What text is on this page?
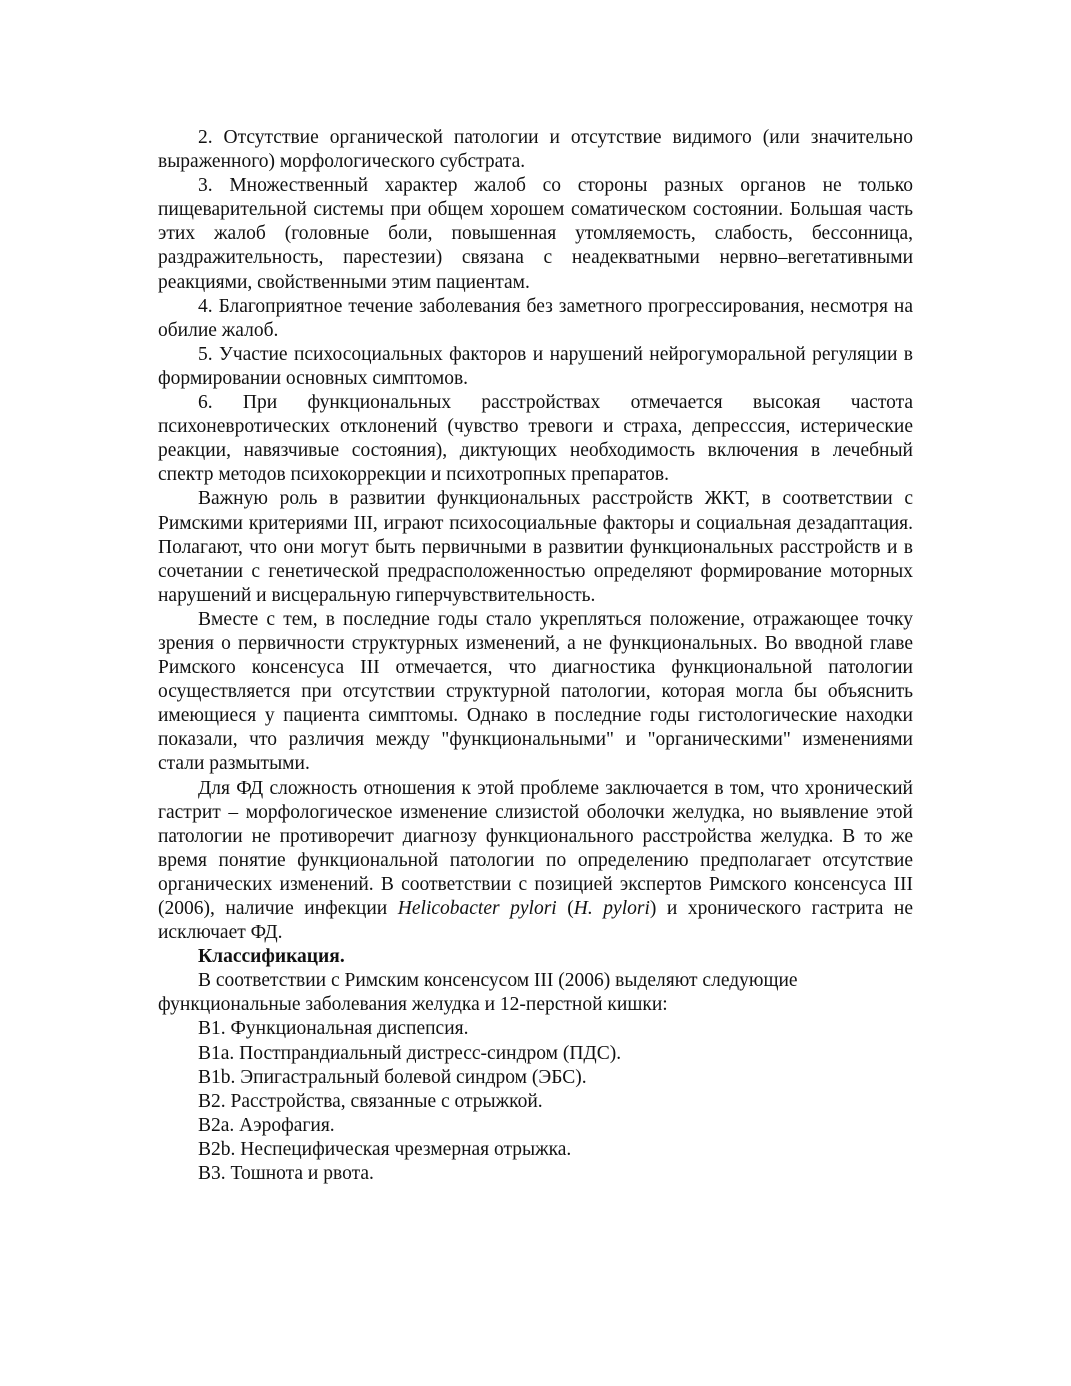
2. Отсутствие органической патологии и отсутствие видимого (или значительно выраженного) морфологического субстрата.

3. Множественный характер жалоб со стороны разных органов не только пищеварительной системы при общем хорошем соматическом состоянии. Большая часть этих жалоб (головные боли, повышенная утомляемость, слабость, бессонница, раздражительность, парестезии) связана с неадекватными нервно–вегетативными реакциями, свойственными этим пациентам.

4. Благоприятное течение заболевания без заметного прогрессирования, несмотря на обилие жалоб.

5. Участие психосоциальных факторов и нарушений нейрогуморальной регуляции в формировании основных симптомов.

6. При функциональных расстройствах отмечается высокая частота психоневротических отклонений (чувство тревоги и страха, депресссия, истерические реакции, навязчивые состояния), диктующих необходимость включения в лечебный спектр методов психокоррекции и психотропных препаратов.

Важную роль в развитии функциональных расстройств ЖКТ, в соответствии с Римскими критериями III, играют психосоциальные факторы и социальная дезадаптация. Полагают, что они могут быть первичными в развитии функциональных расстройств и в сочетании с генетической предрасположенностью определяют формирование моторных нарушений и висцеральную гиперчувствительность.

Вместе с тем, в последние годы стало укрепляться положение, отражающее точку зрения о первичности структурных изменений, а не функциональных. Во вводной главе Римского консенсуса III отмечается, что диагностика функциональной патологии осуществляется при отсутствии структурной патологии, которая могла бы объяснить имеющиеся у пациента симптомы. Однако в последние годы гистологические находки показали, что различия между "функциональными" и "органическими" изменениями стали размытыми.

Для ФД сложность отношения к этой проблеме заключается в том, что хронический гастрит – морфологическое изменение слизистой оболочки желудка, но выявление этой патологии не противоречит диагнозу функционального расстройства желудка. В то же время понятие функциональной патологии по определению предполагает отсутствие органических изменений. В соответствии с позицией экспертов Римского консенсуса III (2006), наличие инфекции Helicobacter pylori (H. pylori) и хронического гастрита не исключает ФД.

Классификация.

В соответствии с Римским консенсусом III (2006) выделяют следующие функциональные заболевания желудка и 12-перстной кишки:

B1. Функциональная диспепсия.

B1a. Постпрандиальный дистресс-синдром (ПДС).

B1b. Эпигастральный болевой синдром (ЭБС).

B2. Расстройства, связанные с отрыжкой.

B2a. Аэрофагия.

B2b. Неспецифическая чрезмерная отрыжка.

B3. Тошнота и рвота.
